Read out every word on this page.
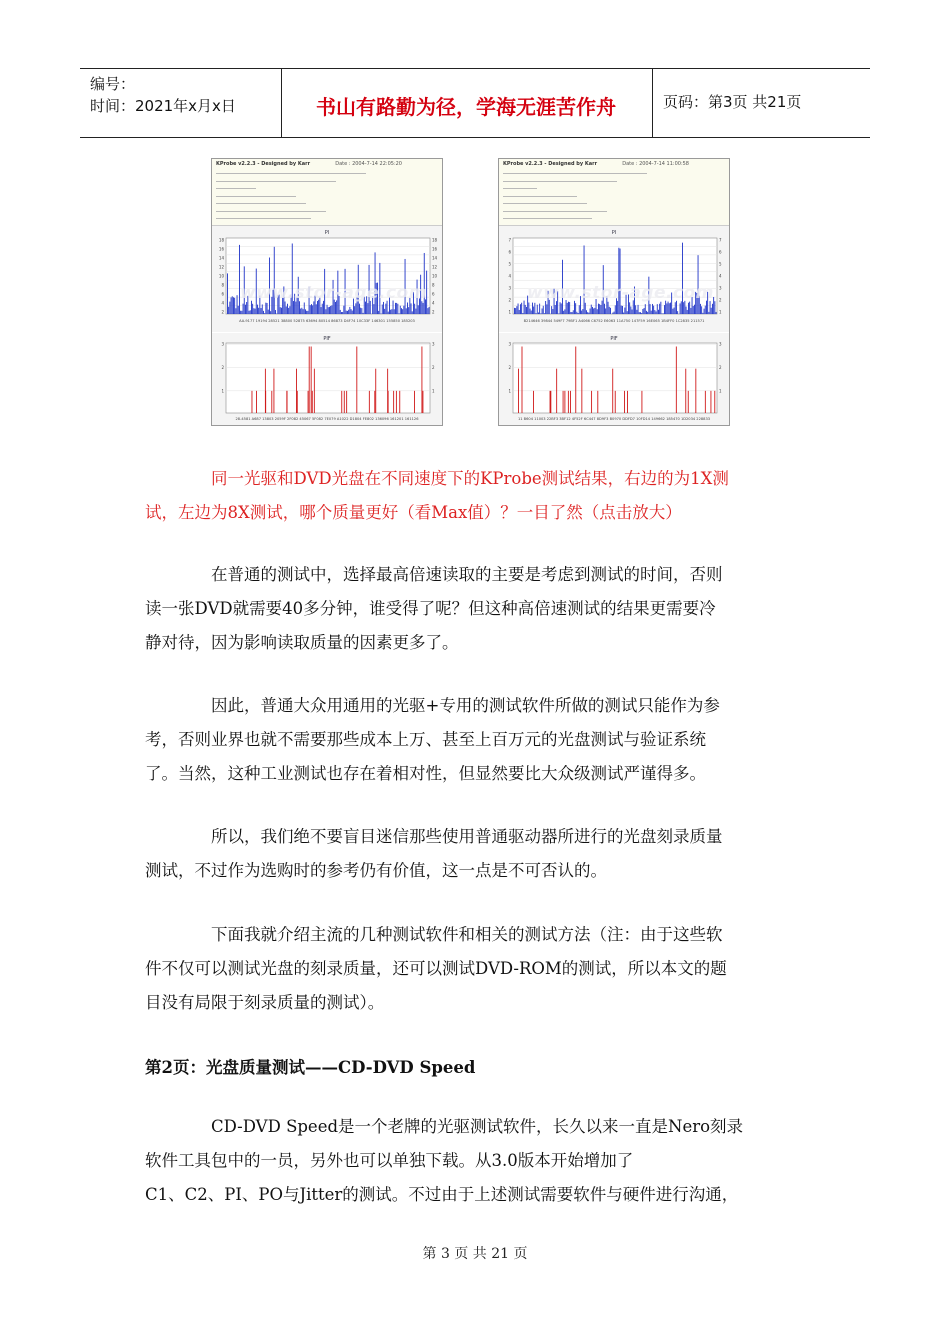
编号：
时间：2021年x月x日	书山有路勤为径，学海无涯苦作舟	页码：第3页 共21页
KProbe v2.2.3 - Designed by Karr	Date : 2004-7-14 22:05:20
PI
18	18
16	16
14	14
12	12
10	10
8	8
6	6
4	4
2	2
AA-9177 19194 28521 38800 52875 63694 80514 86873 D4F74 10C33F 146301 155850 185203
PIF
3	3
2	2
1	1
28-4581 A687 13803 2059F 2F082 45067 5F082 7E079 A1022 D1804 FE802 136096 161201 161126
www.stor-age.com
KProbe v2.2.3 - Designed by Karr	Date : 2004-7-14 11:00:58
PI
7	7
6	6
5	5
4	4
3	3
2	2
1	1
B214646 39844 549F7 79BF1 A4066 C6752 E6063 11A750 147F59 16E065 1B4FF0 1C2835 211571
PIF
3	3
2	2
1	1
11 B604 11003 22BF3 3BF12 4F52F 6C447 8D9F3 B0970 DDFD7 10FD14 149662 185470 1D2034 228833
www.stor-age.com
同一光驱和DVD光盘在不同速度下的KProbe测试结果，右边的为1X测
试，左边为8X测试，哪个质量更好（看Max值）？一目了然（点击放大）
在普通的测试中，选择最高倍速读取的主要是考虑到测试的时间，否则
读一张DVD就需要40多分钟，谁受得了呢？但这种高倍速测试的结果更需要冷
静对待，因为影响读取质量的因素更多了。
因此，普通大众用通用的光驱+专用的测试软件所做的测试只能作为参
考，否则业界也就不需要那些成本上万、甚至上百万元的光盘测试与验证系统
了。当然，这种工业测试也存在着相对性，但显然要比大众级测试严谨得多。
所以，我们绝不要盲目迷信那些使用普通驱动器所进行的光盘刻录质量
测试，不过作为选购时的参考仍有价值，这一点是不可否认的。
下面我就介绍主流的几种测试软件和相关的测试方法（注：由于这些软
件不仅可以测试光盘的刻录质量，还可以测试DVD-ROM的测试，所以本文的题
目没有局限于刻录质量的测试）。
第2页：光盘质量测试——CD-DVD Speed
CD-DVD Speed是一个老牌的光驱测试软件，长久以来一直是Nero刻录
软件工具包中的一员，另外也可以单独下载。从3.0版本开始增加了
C1、C2、PI、PO与Jitter的测试。不过由于上述测试需要软件与硬件进行沟通，
第 3 页 共 21 页
